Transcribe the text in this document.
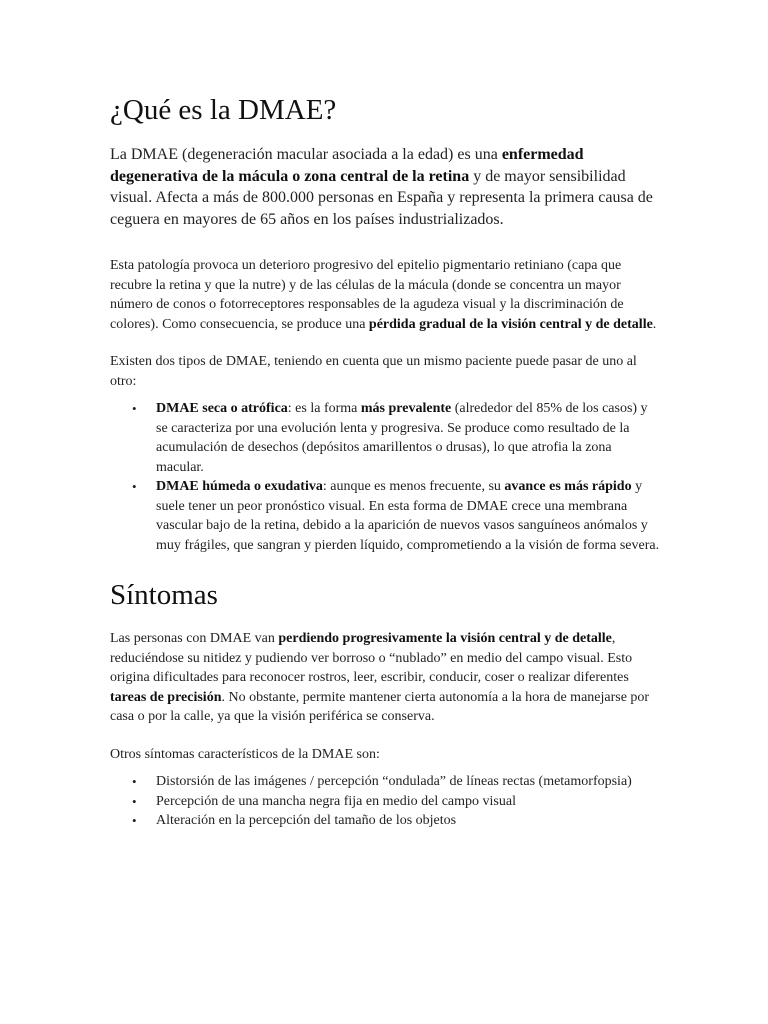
¿Qué es la DMAE?

La DMAE (degeneración macular asociada a la edad) es una enfermedad degenerativa de la mácula o zona central de la retina y de mayor sensibilidad visual. Afecta a más de 800.000 personas en España y representa la primera causa de ceguera en mayores de 65 años en los países industrializados.

Esta patología provoca un deterioro progresivo del epitelio pigmentario retiniano (capa que recubre la retina y que la nutre) y de las células de la mácula (donde se concentra un mayor número de conos o fotorreceptores responsables de la agudeza visual y la discriminación de colores). Como consecuencia, se produce una pérdida gradual de la visión central y de detalle.

Existen dos tipos de DMAE, teniendo en cuenta que un mismo paciente puede pasar de uno al otro:

• DMAE seca o atrófica: es la forma más prevalente (alrededor del 85% de los casos) y se caracteriza por una evolución lenta y progresiva. Se produce como resultado de la acumulación de desechos (depósitos amarillentos o drusas), lo que atrofia la zona macular.
• DMAE húmeda o exudativa: aunque es menos frecuente, su avance es más rápido y suele tener un peor pronóstico visual. En esta forma de DMAE crece una membrana vascular bajo de la retina, debido a la aparición de nuevos vasos sanguíneos anómalos y muy frágiles, que sangran y pierden líquido, comprometiendo a la visión de forma severa.
Síntomas

Las personas con DMAE van perdiendo progresivamente la visión central y de detalle, reduciéndose su nitidez y pudiendo ver borroso o “nublado” en medio del campo visual. Esto origina dificultades para reconocer rostros, leer, escribir, conducir, coser o realizar diferentes tareas de precisión. No obstante, permite mantener cierta autonomía a la hora de manejarse por casa o por la calle, ya que la visión periférica se conserva.

Otros síntomas característicos de la DMAE son:

• Distorsión de las imágenes / percepción “ondulada” de líneas rectas (metamorfopsia)
• Percepción de una mancha negra fija en medio del campo visual
• Alteración en la percepción del tamaño de los objetos
